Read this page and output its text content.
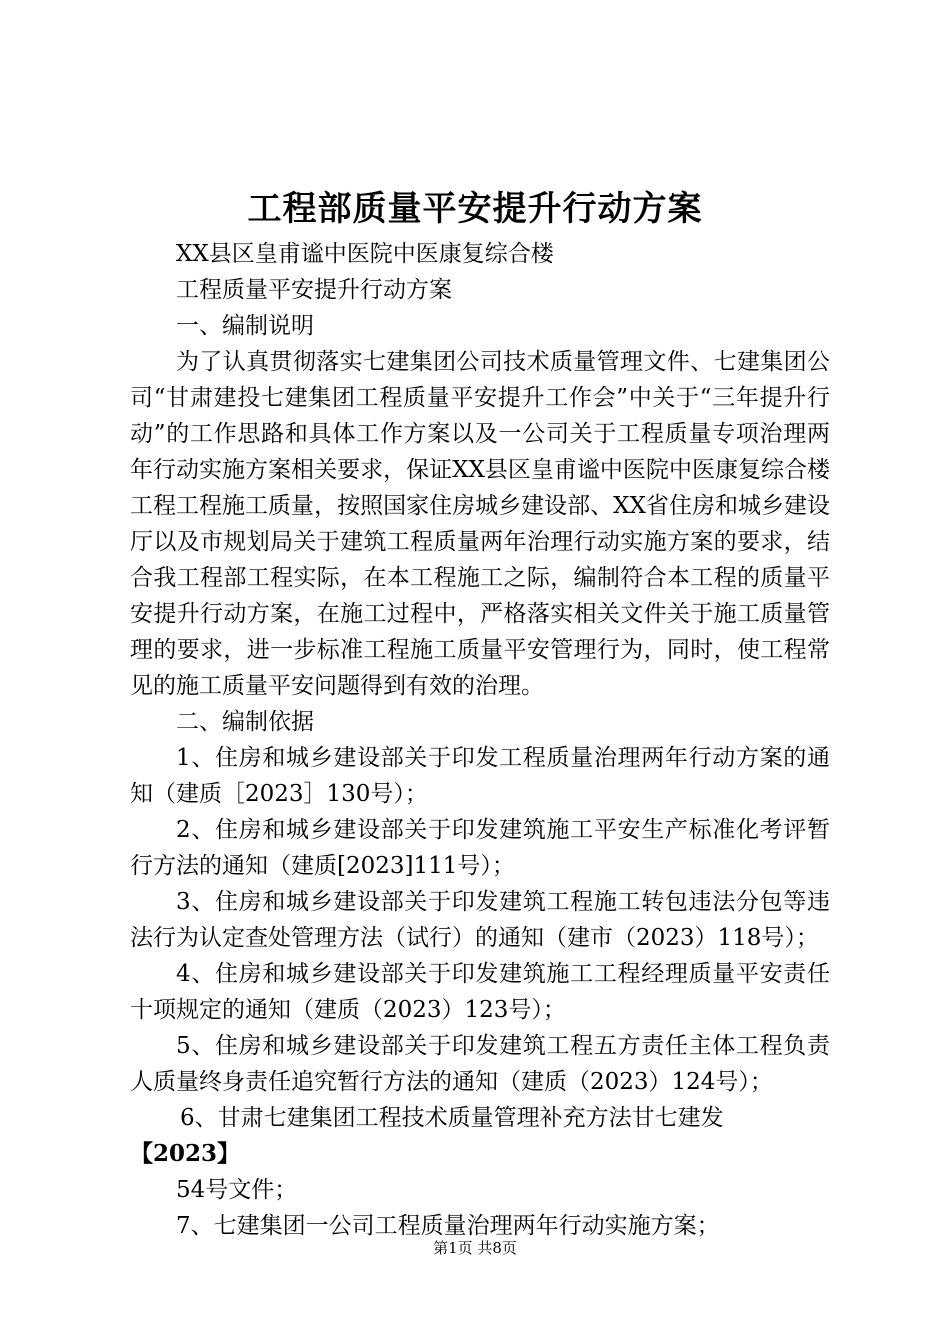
工程部质量平安提升行动方案

XX县区皇甫谧中医院中医康复综合楼

工程质量平安提升行动方案

一、编制说明

为了认真贯彻落实七建集团公司技术质量管理文件、七建集团公司“甘肃建投七建集团工程质量平安提升工作会”中关于“三年提升行动”的工作思路和具体工作方案以及一公司关于工程质量专项治理两年行动实施方案相关要求，保证XX县区皇甫谧中医院中医康复综合楼工程工程施工质量，按照国家住房城乡建设部、XX省住房和城乡建设厅以及市规划局关于建筑工程质量两年治理行动实施方案的要求，结合我工程部工程实际，在本工程施工之际，编制符合本工程的质量平安提升行动方案，在施工过程中，严格落实相关文件关于施工质量管理的要求，进一步标准工程施工质量平安管理行为，同时，使工程常见的施工质量平安问题得到有效的治理。

二、编制依据

1、住房和城乡建设部关于印发工程质量治理两年行动方案的通知（建质［2023］130号）；

2、住房和城乡建设部关于印发建筑施工平安生产标准化考评暂行方法的通知（建质[2023]111号）；

3、住房和城乡建设部关于印发建筑工程施工转包违法分包等违法行为认定查处管理方法（试行）的通知（建市（2023）118号）；

4、住房和城乡建设部关于印发建筑施工工程经理质量平安责任十项规定的通知（建质（2023）123号）；

5、住房和城乡建设部关于印发建筑工程五方责任主体工程负责人质量终身责任追究暂行方法的通知（建质（2023）124号）；

6、甘肃七建集团工程技术质量管理补充方法甘七建发

【2023】

54号文件；

7、七建集团一公司工程质量治理两年行动实施方案；

第1页 共8页
